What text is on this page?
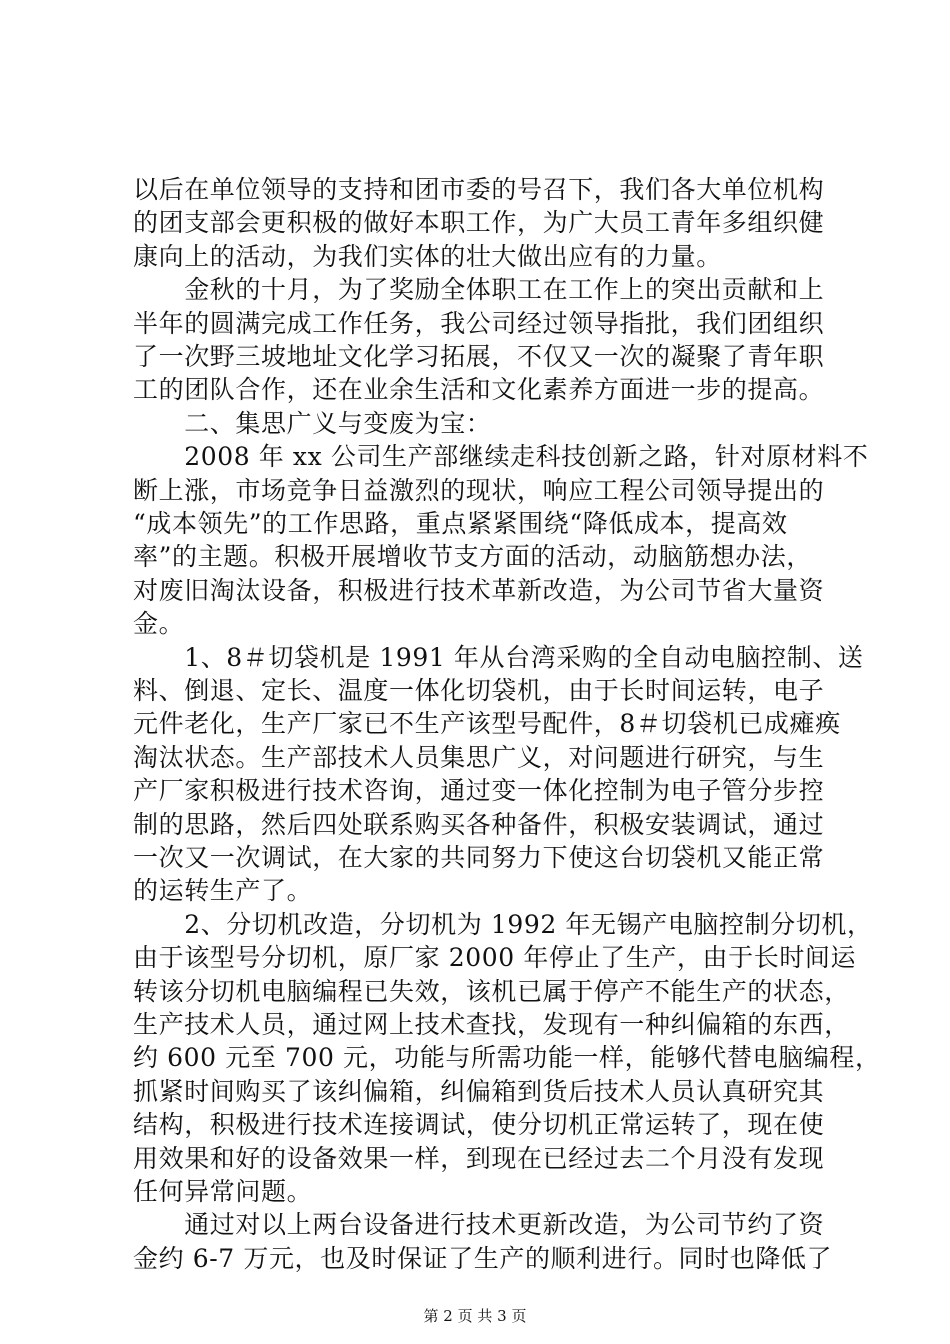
以后在单位领导的支持和团市委的号召下，我们各大单位机构
的团支部会更积极的做好本职工作，为广大员工青年多组织健
康向上的活动，为我们实体的壮大做出应有的力量。
　　金秋的十月，为了奖励全体职工在工作上的突出贡献和上
半年的圆满完成工作任务，我公司经过领导指批，我们团组织
了一次野三坡地址文化学习拓展，不仅又一次的凝聚了青年职
工的团队合作，还在业余生活和文化素养方面进一步的提高。
　　二、集思广义与变废为宝：
　　2008 年 xx 公司生产部继续走科技创新之路，针对原材料不
断上涨，市场竞争日益激烈的现状，响应工程公司领导提出的
“成本领先”的工作思路，重点紧紧围绕“降低成本，提高效
率”的主题。积极开展增收节支方面的活动，动脑筋想办法，
对废旧淘汰设备，积极进行技术革新改造，为公司节省大量资
金。
　　1、8＃切袋机是 1991 年从台湾采购的全自动电脑控制、送
料、倒退、定长、温度一体化切袋机，由于长时间运转，电子
元件老化，生产厂家已不生产该型号配件，8＃切袋机已成瘫痪
淘汰状态。生产部技术人员集思广义，对问题进行研究，与生
产厂家积极进行技术咨询，通过变一体化控制为电子管分步控
制的思路，然后四处联系购买各种备件，积极安装调试，通过
一次又一次调试，在大家的共同努力下使这台切袋机又能正常
的运转生产了。
　　2、分切机改造，分切机为 1992 年无锡产电脑控制分切机，
由于该型号分切机，原厂家 2000 年停止了生产，由于长时间运
转该分切机电脑编程已失效，该机已属于停产不能生产的状态，
生产技术人员，通过网上技术查找，发现有一种纠偏箱的东西，
约 600 元至 700 元，功能与所需功能一样，能够代替电脑编程，
抓紧时间购买了该纠偏箱，纠偏箱到货后技术人员认真研究其
结构，积极进行技术连接调试，使分切机正常运转了，现在使
用效果和好的设备效果一样，到现在已经过去二个月没有发现
任何异常问题。
　　通过对以上两台设备进行技术更新改造，为公司节约了资
金约 6-7 万元，也及时保证了生产的顺利进行。同时也降低了
第 2 页 共 3 页
